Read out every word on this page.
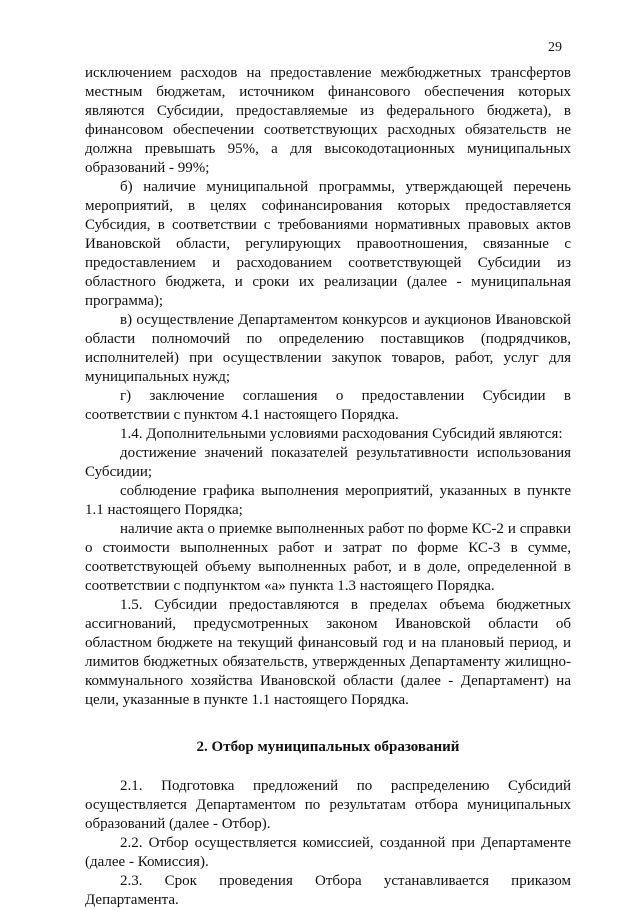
29

исключением расходов на предоставление межбюджетных трансфертов местным бюджетам, источником финансового обеспечения которых являются Субсидии, предоставляемые из федерального бюджета), в финансовом обеспечении соответствующих расходных обязательств не должна превышать 95%, а для высокодотационных муниципальных образований - 99%;

б) наличие муниципальной программы, утверждающей перечень мероприятий, в целях софинансирования которых предоставляется Субсидия, в соответствии с требованиями нормативных правовых актов Ивановской области, регулирующих правоотношения, связанные с предоставлением и расходованием соответствующей Субсидии из областного бюджета, и сроки их реализации (далее - муниципальная программа);

в) осуществление Департаментом конкурсов и аукционов Ивановской области полномочий по определению поставщиков (подрядчиков, исполнителей) при осуществлении закупок товаров, работ, услуг для муниципальных нужд;

г) заключение соглашения о предоставлении Субсидии в соответствии с пунктом 4.1 настоящего Порядка.

1.4. Дополнительными условиями расходования Субсидий являются:

достижение значений показателей результативности использования Субсидии;

соблюдение графика выполнения мероприятий, указанных в пункте 1.1 настоящего Порядка;

наличие акта о приемке выполненных работ по форме КС-2 и справки о стоимости выполненных работ и затрат по форме КС-3 в сумме, соответствующей объему выполненных работ, и в доле, определенной в соответствии с подпунктом «а» пункта 1.3 настоящего Порядка.

1.5. Субсидии предоставляются в пределах объема бюджетных ассигнований, предусмотренных законом Ивановской области об областном бюджете на текущий финансовый год и на плановый период, и лимитов бюджетных обязательств, утвержденных Департаменту жилищно-коммунального хозяйства Ивановской области (далее - Департамент) на цели, указанные в пункте 1.1 настоящего Порядка.

2. Отбор муниципальных образований

2.1. Подготовка предложений по распределению Субсидий осуществляется Департаментом по результатам отбора муниципальных образований (далее - Отбор).

2.2. Отбор осуществляется комиссией, созданной при Департаменте (далее - Комиссия).

2.3. Срок проведения Отбора устанавливается приказом Департамента.
